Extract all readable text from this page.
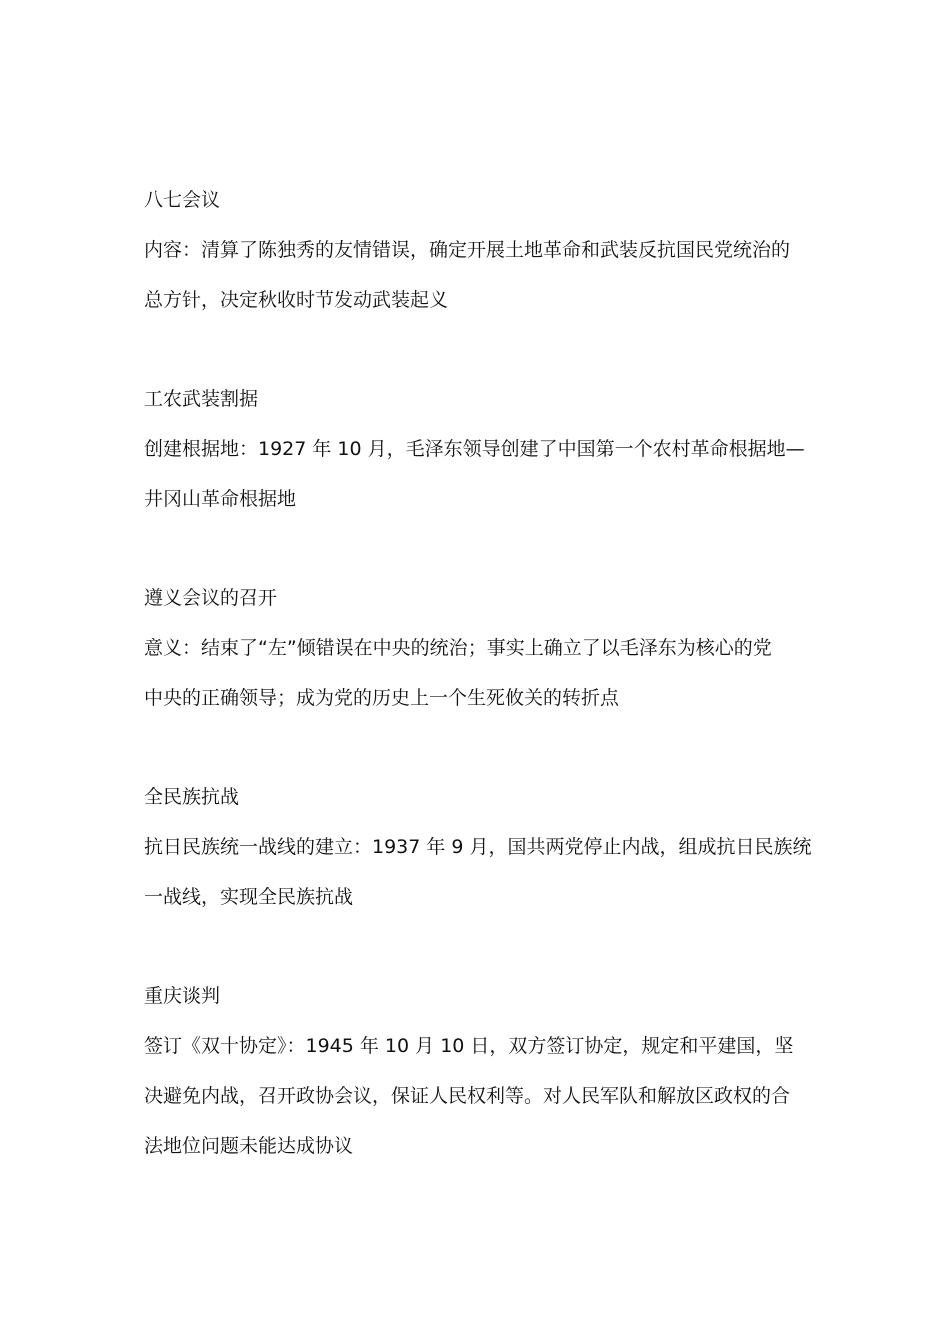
八七会议
内容：清算了陈独秀的友情错误，确定开展土地革命和武装反抗国民党统治的
总方针，决定秋收时节发动武装起义
工农武装割据
创建根据地：1927 年 10 月，毛泽东领导创建了中国第一个农村革命根据地—
井冈山革命根据地
遵义会议的召开
意义：结束了“左”倾错误在中央的统治；事实上确立了以毛泽东为核心的党
中央的正确领导；成为党的历史上一个生死攸关的转折点
全民族抗战
抗日民族统一战线的建立：1937 年 9 月，国共两党停止内战，组成抗日民族统
一战线，实现全民族抗战
重庆谈判
签订《双十协定》：1945 年 10 月 10 日，双方签订协定，规定和平建国，坚
决避免内战，召开政协会议，保证人民权利等。对人民军队和解放区政权的合
法地位问题未能达成协议
